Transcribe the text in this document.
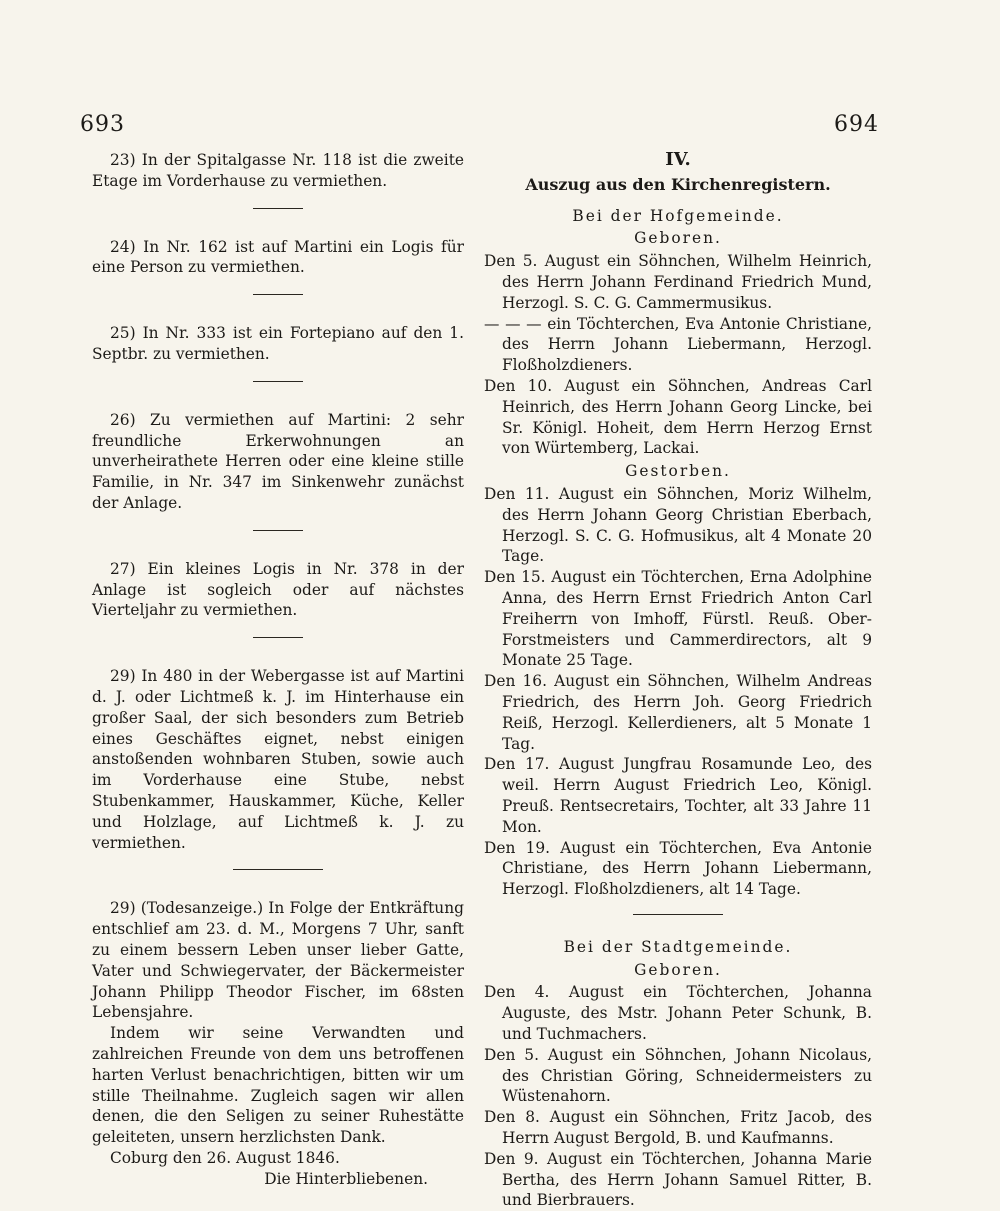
693	694

23) In der Spitalgasse Nr. 118 ist die zweite Etage im Vorderhause zu vermiethen.

24) In Nr. 162 ist auf Martini ein Logis für eine Person zu vermiethen.

25) In Nr. 333 ist ein Fortepiano auf den 1. Septbr. zu vermiethen.

26) Zu vermiethen auf Martini: 2 sehr freundliche Erkerwohnungen an unverheirathete Herren oder eine kleine stille Familie, in Nr. 347 im Sinkenwehr zunächst der Anlage.

27) Ein kleines Logis in Nr. 378 in der Anlage ist sogleich oder auf nächstes Vierteljahr zu vermiethen.

29) In 480 in der Webergasse ist auf Martini d. J. oder Lichtmeß k. J. im Hinterhause ein großer Saal, der sich besonders zum Betrieb eines Geschäftes eignet, nebst einigen anstoßenden wohnbaren Stuben, sowie auch im Vorderhause eine Stube, nebst Stubenkammer, Hauskammer, Küche, Keller und Holzlage, auf Lichtmeß k. J. zu vermiethen.

29) (Todesanzeige.) In Folge der Entkräftung entschlief am 23. d. M., Morgens 7 Uhr, sanft zu einem bessern Leben unser lieber Gatte, Vater und Schwiegervater, der Bäckermeister Johann Philipp Theodor Fischer, im 68sten Lebensjahre.

Indem wir seine Verwandten und zahlreichen Freunde von dem uns betroffenen harten Verlust benachrichtigen, bitten wir um stille Theilnahme. Zugleich sagen wir allen denen, die den Seligen zu seiner Ruhestätte geleiteten, unsern herzlichsten Dank.

Coburg den 26. August 1846.

Die Hinterbliebenen.

IV.
Auszug aus den Kirchenregistern.
Bei der Hofgemeinde.
Geboren.

Den 5. August ein Söhnchen, Wilhelm Heinrich, des Herrn Johann Ferdinand Friedrich Mund, Herzogl. S. C. G. Cammermusikus.

— — — ein Töchterchen, Eva Antonie Christiane, des Herrn Johann Liebermann, Herzogl. Floßholzdieners.

Den 10. August ein Söhnchen, Andreas Carl Heinrich, des Herrn Johann Georg Lincke, bei Sr. Königl. Hoheit, dem Herrn Herzog Ernst von Würtemberg, Lackai.

Gestorben.

Den 11. August ein Söhnchen, Moriz Wilhelm, des Herrn Johann Georg Christian Eberbach, Herzogl. S. C. G. Hofmusikus, alt 4 Monate 20 Tage.

Den 15. August ein Töchterchen, Erna Adolphine Anna, des Herrn Ernst Friedrich Anton Carl Freiherrn von Imhoff, Fürstl. Reuß. Ober-Forstmeisters und Cammerdirectors, alt 9 Monate 25 Tage.

Den 16. August ein Söhnchen, Wilhelm Andreas Friedrich, des Herrn Joh. Georg Friedrich Reiß, Herzogl. Kellerdieners, alt 5 Monate 1 Tag.

Den 17. August Jungfrau Rosamunde Leo, des weil. Herrn August Friedrich Leo, Königl. Preuß. Rentsecretairs, Tochter, alt 33 Jahre 11 Mon.

Den 19. August ein Töchterchen, Eva Antonie Christiane, des Herrn Johann Liebermann, Herzogl. Floßholzdieners, alt 14 Tage.

Bei der Stadtgemeinde.
Geboren.

Den 4. August ein Töchterchen, Johanna Auguste, des Mstr. Johann Peter Schunk, B. und Tuchmachers.

Den 5. August ein Söhnchen, Johann Nicolaus, des Christian Göring, Schneidermeisters zu Wüstenahorn.

Den 8. August ein Söhnchen, Fritz Jacob, des Herrn August Bergold, B. und Kaufmanns.

Den 9. August ein Töchterchen, Johanna Marie Bertha, des Herrn Johann Samuel Ritter, B. und Bierbrauers.
